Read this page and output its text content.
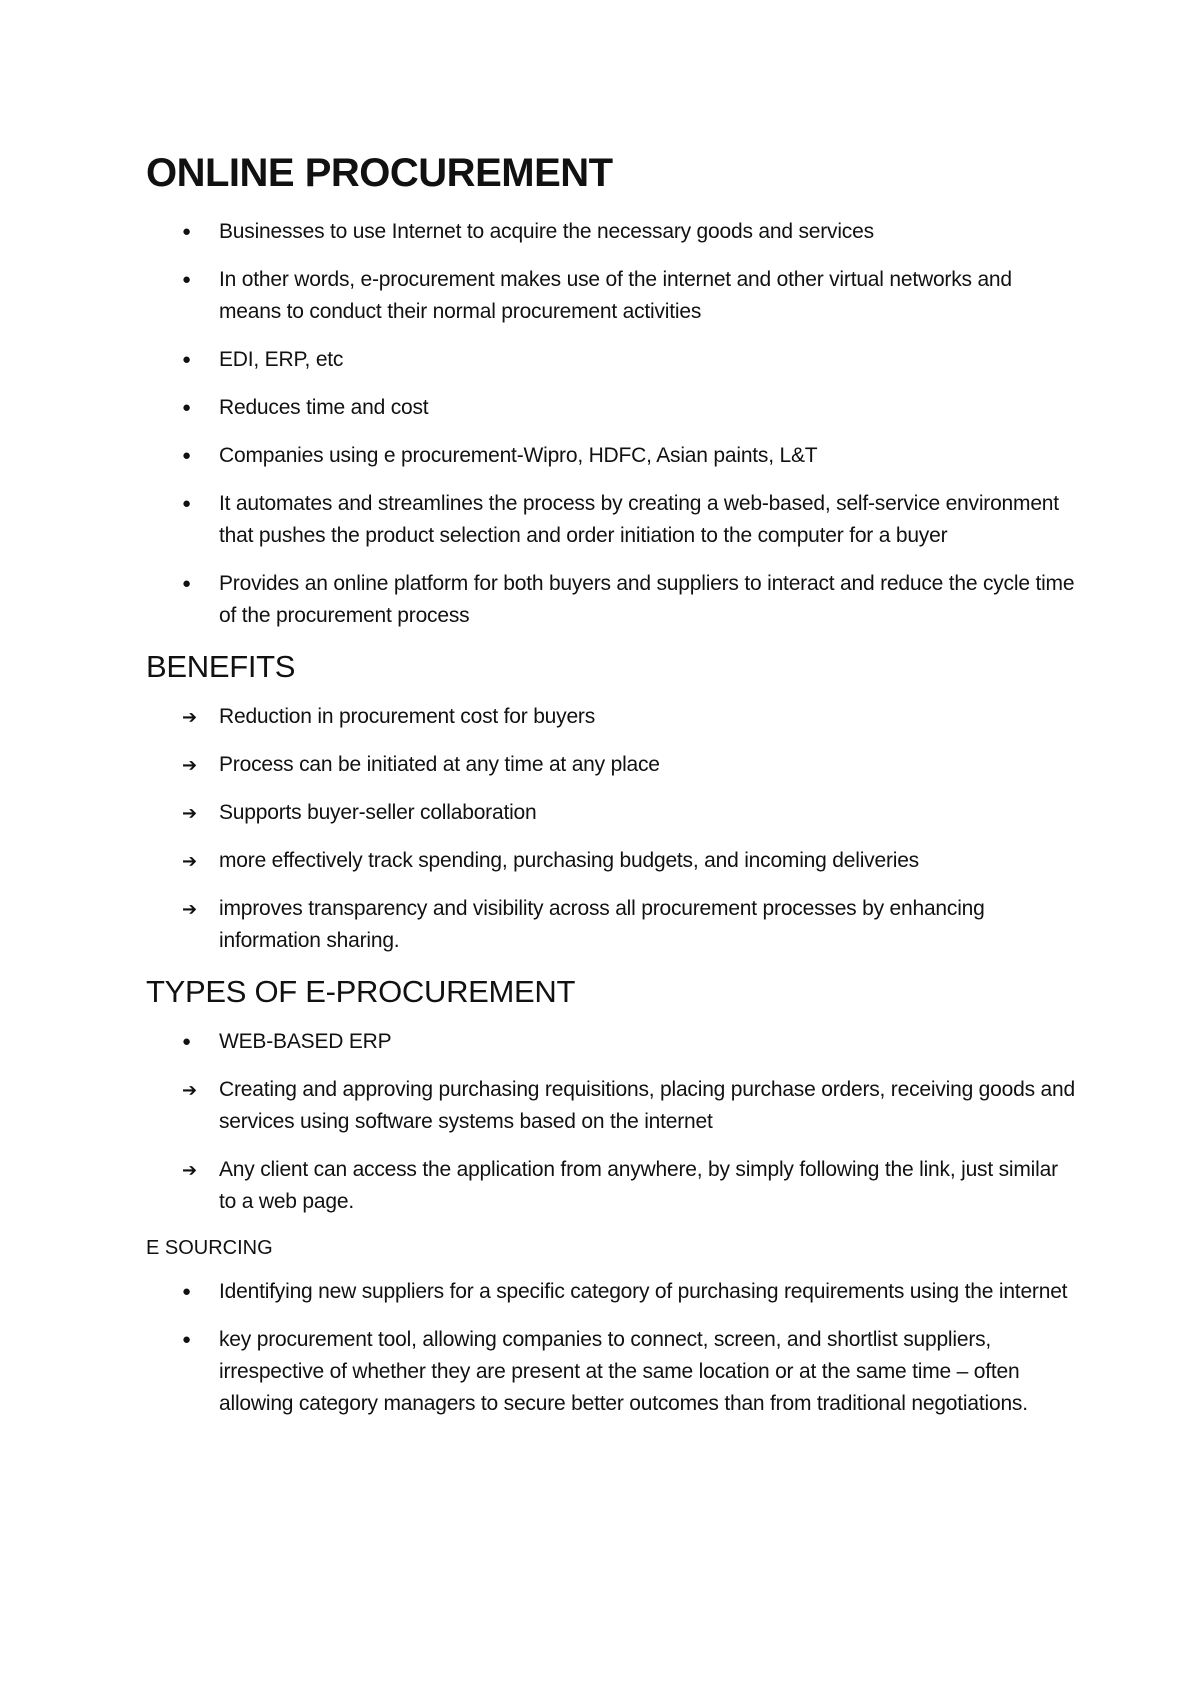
ONLINE PROCUREMENT
●	Businesses to use Internet to acquire the necessary goods and services
●	In other words, e-procurement makes use of the internet and other virtual networks and means to conduct their normal procurement activities
●	EDI, ERP, etc
●	Reduces time and cost
●	Companies using e procurement-Wipro, HDFC, Asian paints, L&T
●	It automates and streamlines the process by creating a web-based, self-service environment that pushes the product selection and order initiation to the computer for a buyer
●	Provides an online platform for both buyers and suppliers to interact and reduce the cycle time of the procurement process
BENEFITS
➔	Reduction in procurement cost for buyers
➔	Process can be initiated at any time at any place
➔	Supports buyer-seller collaboration
➔	more effectively track spending, purchasing budgets, and incoming deliveries
➔	improves transparency and visibility across all procurement processes by enhancing information sharing.
TYPES OF E-PROCUREMENT
●	WEB-BASED ERP
➔	Creating and approving purchasing requisitions, placing purchase orders, receiving goods and services using software systems based on the internet
➔	Any client can access the application from anywhere, by simply following the link, just similar to a web page.
E SOURCING
●	Identifying new suppliers for a specific category of purchasing requirements using the internet
●	key procurement tool, allowing companies to connect, screen, and shortlist suppliers, irrespective of whether they are present at the same location or at the same time – often allowing category managers to secure better outcomes than from traditional negotiations.
